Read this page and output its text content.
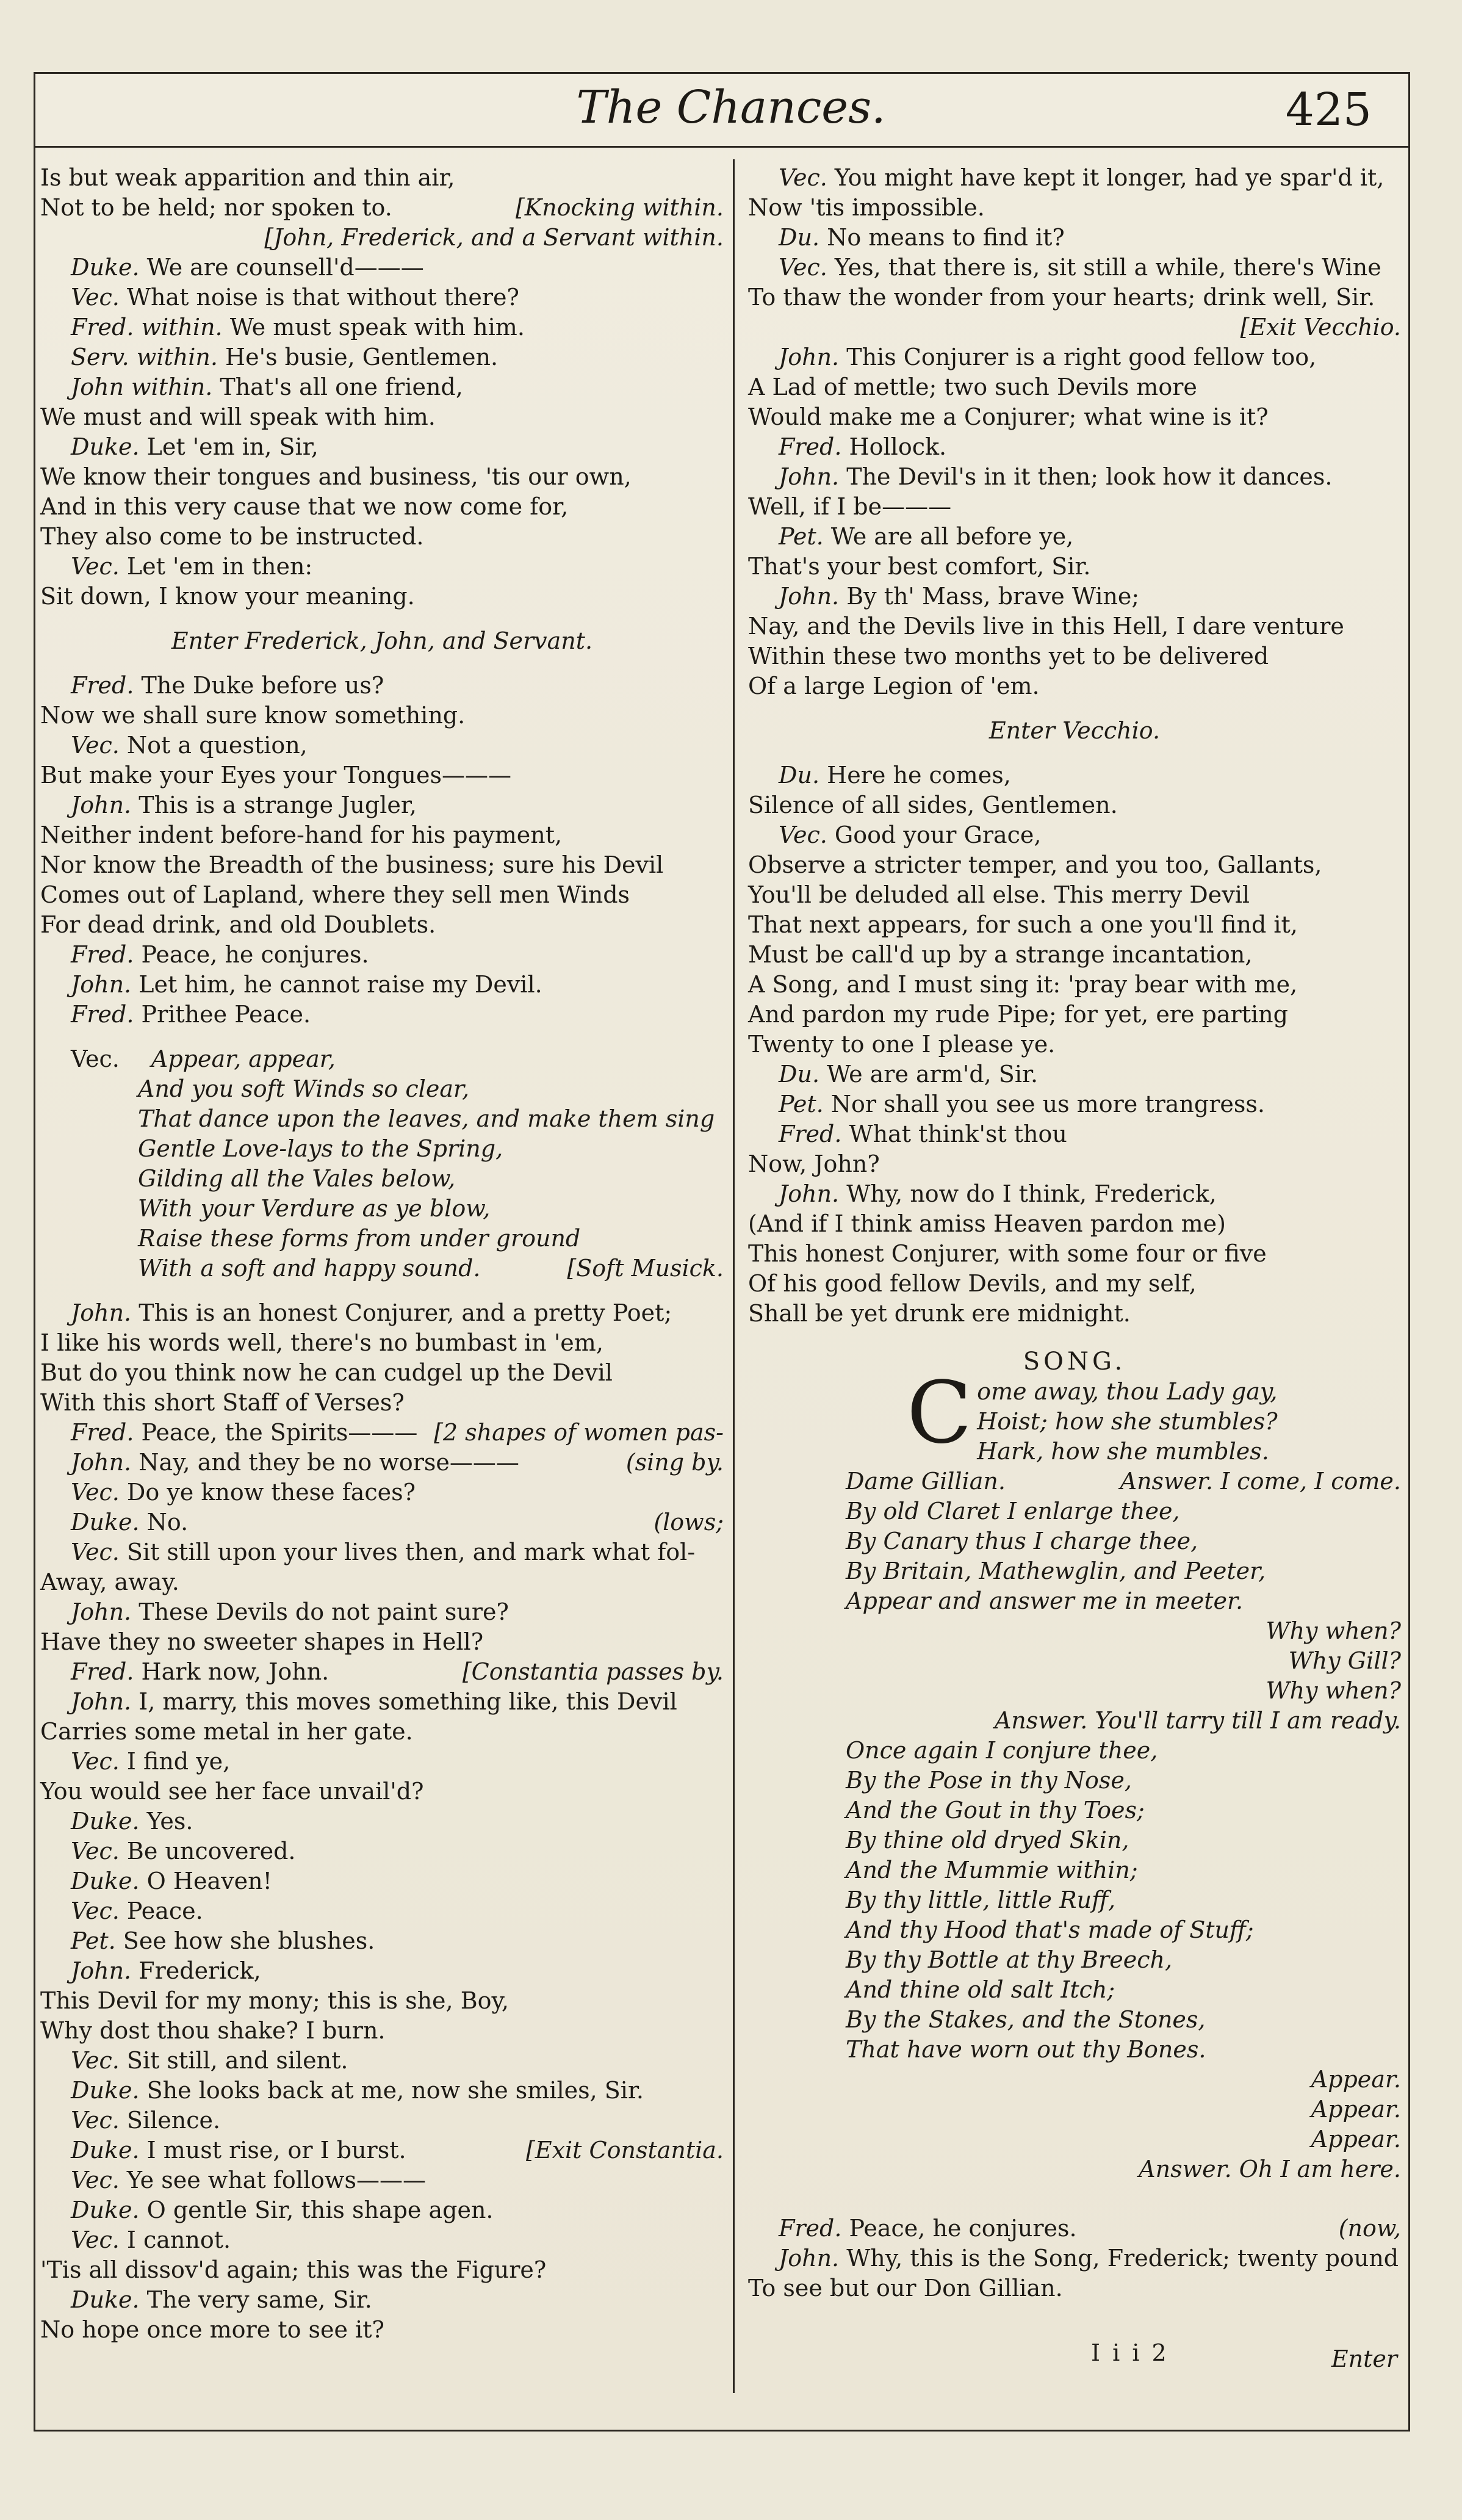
The Chances.	425
Is but weak apparition and thin air,
Not to be held; nor spoken to.	[Knocking within.
[John, Frederick, and a Servant within.
Duke. We are counsell'd———
Vec. What noise is that without there?
Fred. within. We must speak with him.
Serv. within. He's busie, Gentlemen.
John within. That's all one friend,
We must and will speak with him.
Duke. Let 'em in, Sir,
We know their tongues and business, 'tis our own,
And in this very cause that we now come for,
They also come to be instructed.
Vec. Let 'em in then:
Sit down, I know your meaning.
Enter Frederick, John, and Servant.
Fred. The Duke before us?
Now we shall sure know something.
Vec. Not a question,
But make your Eyes your Tongues———
John. This is a strange Jugler,
Neither indent before-hand for his payment,
Nor know the Breadth of the business; sure his Devil
Comes out of Lapland, where they sell men Winds
For dead drink, and old Doublets.
Fred. Peace, he conjures.
John. Let him, he cannot raise my Devil.
Fred. Prithee Peace.
Vec. Appear, appear,
And you soft Winds so clear,
That dance upon the leaves, and make them sing
Gentle Love-lays to the Spring,
Gilding all the Vales below,
With your Verdure as ye blow,
Raise these forms from under ground
With a soft and happy sound.	[Soft Musick.
John. This is an honest Conjurer, and a pretty Poet;
I like his words well, there's no bumbast in 'em,
But do you think now he can cudgel up the Devil
With this short Staff of Verses?
Fred. Peace, the Spirits——— [2 shapes of women pas-
John. Nay, and they be no worse———	(sing by.
Vec. Do ye know these faces?
Duke. No.	(lows;
Vec. Sit still upon your lives then, and mark what fol-
Away, away.
John. These Devils do not paint sure?
Have they no sweeter shapes in Hell?
Fred. Hark now, John.	[Constantia passes by.
John. I, marry, this moves something like, this Devil
Carries some metal in her gate.
Vec. I find ye,
You would see her face unvail'd?
Duke. Yes.
Vec. Be uncovered.
Duke. O Heaven!
Vec. Peace.
Pet. See how she blushes.
John. Frederick,
This Devil for my mony; this is she, Boy,
Why dost thou shake? I burn.
Vec. Sit still, and silent.
Duke. She looks back at me, now she smiles, Sir.
Vec. Silence.
Duke. I must rise, or I burst.	[Exit Constantia.
Vec. Ye see what follows———
Duke. O gentle Sir, this shape agen.
Vec. I cannot.
'Tis all dissov'd again; this was the Figure?
Duke. The very same, Sir.
No hope once more to see it?
Vec. You might have kept it longer, had ye spar'd it,
Now 'tis impossible.
Du. No means to find it?
Vec. Yes, that there is, sit still a while, there's Wine
To thaw the wonder from your hearts; drink well, Sir.
[Exit Vecchio.
John. This Conjurer is a right good fellow too,
A Lad of mettle; two such Devils more
Would make me a Conjurer; what wine is it?
Fred. Hollock.
John. The Devil's in it then; look how it dances.
Well, if I be———
Pet. We are all before ye,
That's your best comfort, Sir.
John. By th' Mass, brave Wine;
Nay, and the Devils live in this Hell, I dare venture
Within these two months yet to be delivered
Of a large Legion of 'em.
Enter Vecchio.
Du. Here he comes,
Silence of all sides, Gentlemen.
Vec. Good your Grace,
Observe a stricter temper, and you too, Gallants,
You'll be deluded all else. This merry Devil
That next appears, for such a one you'll find it,
Must be call'd up by a strange incantation,
A Song, and I must sing it: 'pray bear with me,
And pardon my rude Pipe; for yet, ere parting
Twenty to one I please ye.
Du. We are arm'd, Sir.
Pet. Nor shall you see us more trangress.
Fred. What think'st thou
Now, John?
John. Why, now do I think, Frederick,
(And if I think amiss Heaven pardon me)
This honest Conjurer, with some four or five
Of his good fellow Devils, and my self,
Shall be yet drunk ere midnight.
SONG.
Come away, thou Lady gay,
Hoist; how she stumbles?
Hark, how she mumbles.
Dame Gillian.	Answer. I come, I come.
By old Claret I enlarge thee,
By Canary thus I charge thee,
By Britain, Mathewglin, and Peeter,
Appear and answer me in meeter.
Why when?
Why Gill?
Why when?
Answer. You'll tarry till I am ready.
Once again I conjure thee,
By the Pose in thy Nose,
And the Gout in thy Toes;
By thine old dryed Skin,
And the Mummie within;
By thy little, little Ruff,
And thy Hood that's made of Stuff;
By thy Bottle at thy Breech,
And thine old salt Itch;
By the Stakes, and the Stones,
That have worn out thy Bones.
Appear.
Appear.
Appear.
Answer. Oh I am here.
Fred. Peace, he conjures.	(now,
John. Why, this is the Song, Frederick; twenty pound
To see but our Don Gillian.
I i i 2	Enter
